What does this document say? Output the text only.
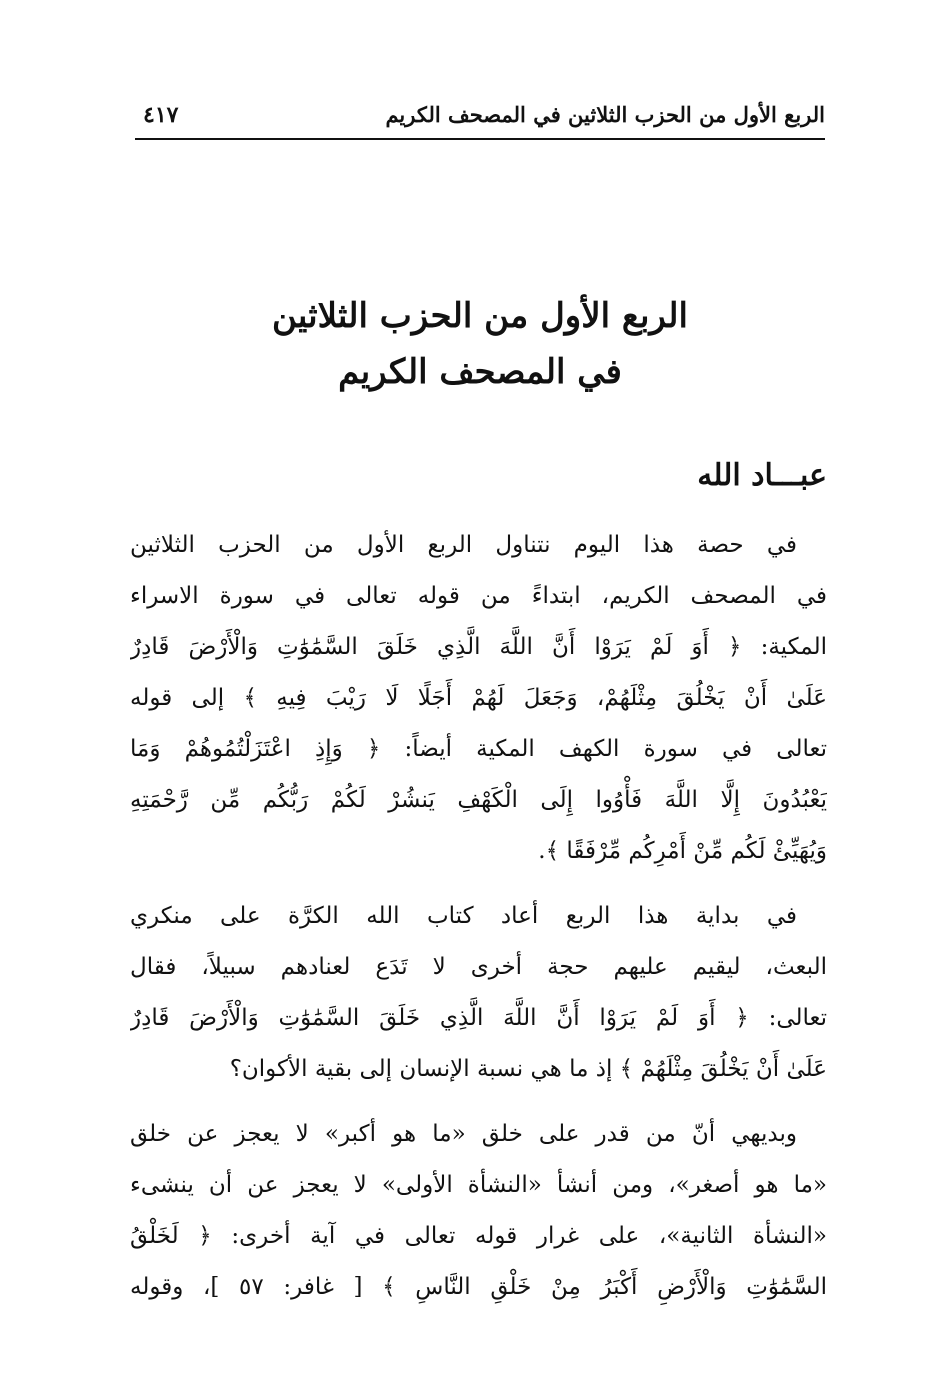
الربع الأول من الحزب الثلاثين في المصحف الكريم
٤١٧
الربع الأول من الحزب الثلاثين
في المصحف الكريم
عبـــاد الله
في حصة هذا اليوم نتناول الربع الأول من الحزب الثلاثين
في المصحف الكريم، ابتداءً من قوله تعالى في سورة الاسراء
المكية: ﴿ أَوَ لَمْ يَرَوْا أَنَّ اللَّهَ الَّذِي خَلَقَ السَّمَٰوَٰتِ وَالْأَرْضَ قَادِرٌ
عَلَىٰ أَنْ يَخْلُقَ مِثْلَهُمْ، وَجَعَلَ لَهُمْ أَجَلًا لَا رَيْبَ فِيهِ ﴾ إلى قوله
تعالى في سورة الكهف المكية أيضاً: ﴿ وَإِذِ اعْتَزَلْتُمُوهُمْ وَمَا
يَعْبُدُونَ إِلَّا اللَّهَ فَأْوُوا إِلَى الْكَهْفِ يَنشُرْ لَكُمْ رَبُّكُم مِّن رَّحْمَتِهِ
وَيُهَيِّئْ لَكُم مِّنْ أَمْرِكُم مِّرْفَقًا ﴾.
في بداية هذا الربع أعاد كتاب الله الكرَّة على منكري
البعث، ليقيم عليهم حجة أخرى لا تَدَع لعنادهم سبيلاً، فقال
تعالى: ﴿ أَوَ لَمْ يَرَوْا أَنَّ اللَّهَ الَّذِي خَلَقَ السَّمَٰوَٰتِ وَالْأَرْضَ قَادِرٌ
عَلَىٰ أَنْ يَخْلُقَ مِثْلَهُمْ ﴾ إذ ما هي نسبة الإنسان إلى بقية الأكوان؟
وبديهي أنّ من قدر على خلق «ما هو أكبر» لا يعجز عن خلق
«ما هو أصغر»، ومن أنشأ «النشأة الأولى» لا يعجز عن أن ينشىء
«النشأة الثانية»، على غرار قوله تعالى في آية أخرى: ﴿ لَخَلْقُ
السَّمَٰوَٰتِ وَالْأَرْضِ أَكْبَرُ مِنْ خَلْقِ النَّاسِ ﴾ [ غافر: ٥٧ ]، وقوله
